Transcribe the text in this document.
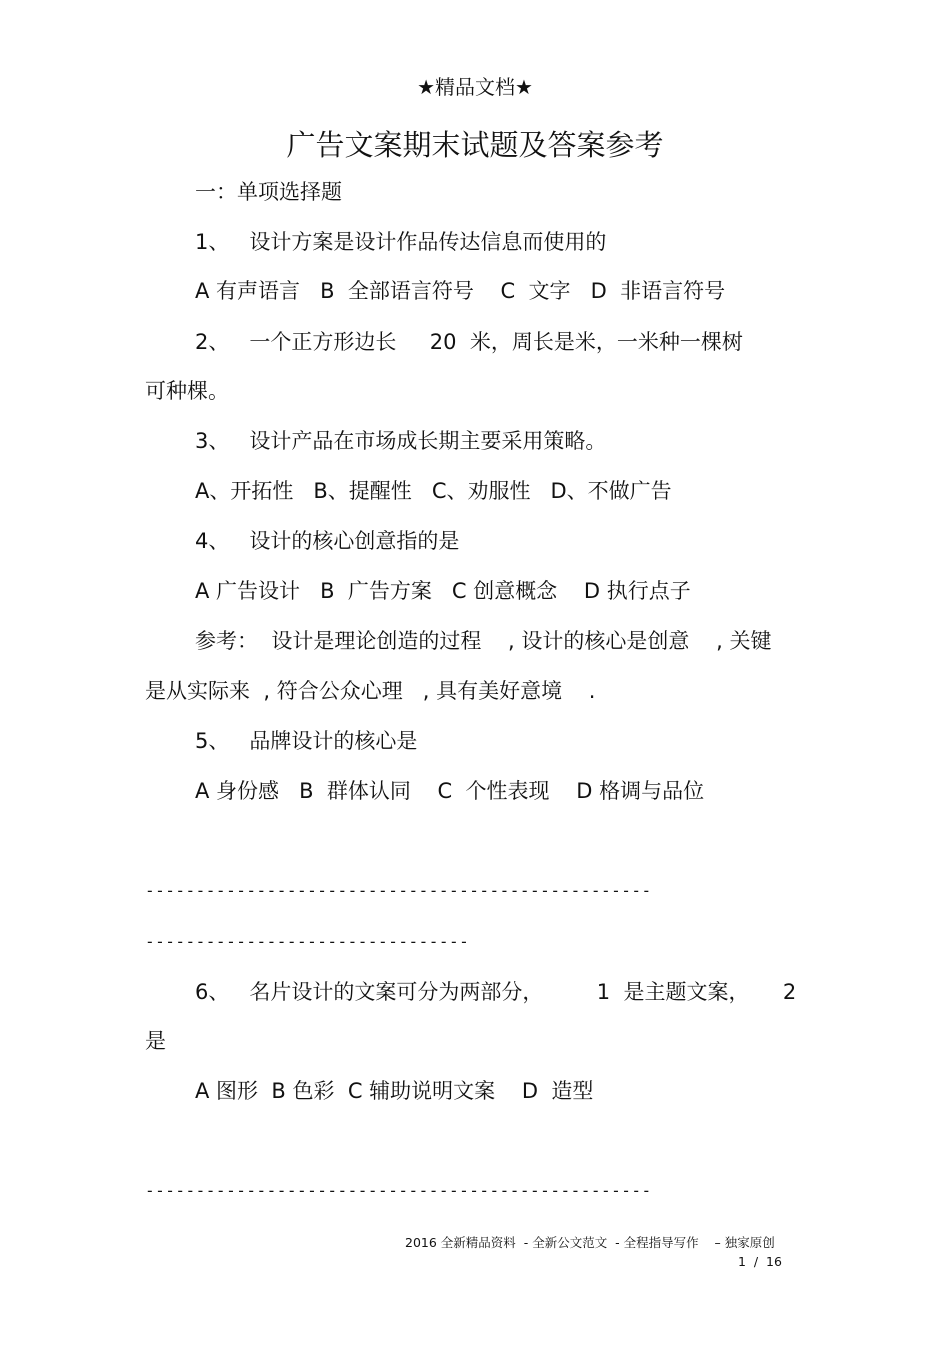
★精品文档★
广告文案期末试题及答案参考
一：单项选择题
1、   设计方案是设计作品传达信息而使用的
A 有声语言   B  全部语言符号    C  文字   D  非语言符号
2、   一个正方形边长     20  米，周长是米，一米种一棵树
可种棵。
3、   设计产品在市场成长期主要采用策略。
A、开拓性   B、提醒性   C、劝服性   D、不做广告
4、   设计的核心创意指的是
A 广告设计   B  广告方案   C 创意概念    D 执行点子
参考：  设计是理论创造的过程    , 设计的核心是创意    , 关键
是从实际来  , 符合公众心理   , 具有美好意境    .
5、   品牌设计的核心是
A 身份感   B  群体认同    C  个性表现    D 格调与品位
--------------------------------------------------
--------------------------------
6、   名片设计的文案可分为两部分，        1  是主题文案，     2
是
A 图形  B 色彩  C 辅助说明文案    D  造型
--------------------------------------------------
2016 全新精品资料  - 全新公文范文  - 全程指导写作    – 独家原创
1  /  16
